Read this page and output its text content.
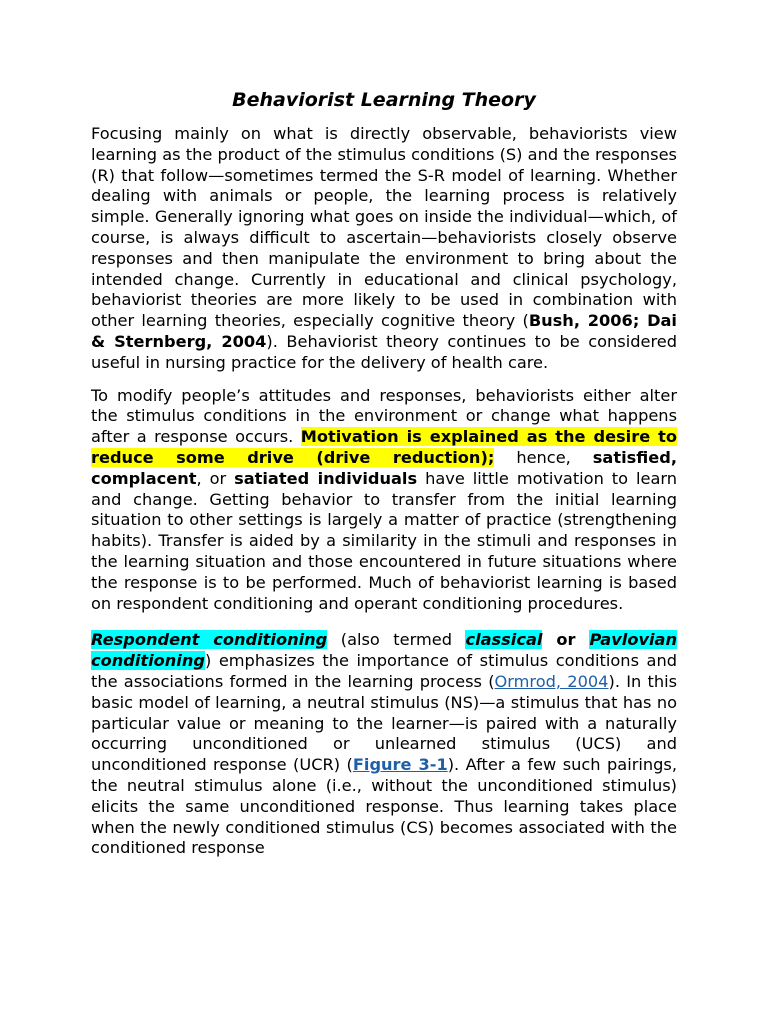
Behaviorist Learning Theory

Focusing mainly on what is directly observable, behaviorists view learning as the product of the stimulus conditions (S) and the responses (R) that follow—sometimes termed the S-R model of learning. Whether dealing with animals or people, the learning process is relatively simple. Generally ignoring what goes on inside the individual—which, of course, is always difficult to ascertain—behaviorists closely observe responses and then manipulate the environment to bring about the intended change. Currently in educational and clinical psychology, behaviorist theories are more likely to be used in combination with other learning theories, especially cognitive theory (Bush, 2006; Dai & Sternberg, 2004). Behaviorist theory continues to be considered useful in nursing practice for the delivery of health care.

To modify people’s attitudes and responses, behaviorists either alter the stimulus conditions in the environment or change what happens after a response occurs. Motivation is explained as the desire to reduce some drive (drive reduction); hence, satisfied, complacent, or satiated individuals have little motivation to learn and change. Getting behavior to transfer from the initial learning situation to other settings is largely a matter of practice (strengthening habits). Transfer is aided by a similarity in the stimuli and responses in the learning situation and those encountered in future situations where the response is to be performed. Much of behaviorist learning is based on respondent conditioning and operant conditioning procedures.

Respondent conditioning (also termed classical or Pavlovian conditioning) emphasizes the importance of stimulus conditions and the associations formed in the learning process (Ormrod, 2004). In this basic model of learning, a neutral stimulus (NS)—a stimulus that has no particular value or meaning to the learner—is paired with a naturally occurring unconditioned or unlearned stimulus (UCS) and unconditioned response (UCR) (Figure 3-1). After a few such pairings, the neutral stimulus alone (i.e., without the unconditioned stimulus) elicits the same unconditioned response. Thus learning takes place when the newly conditioned stimulus (CS) becomes associated with the conditioned response
